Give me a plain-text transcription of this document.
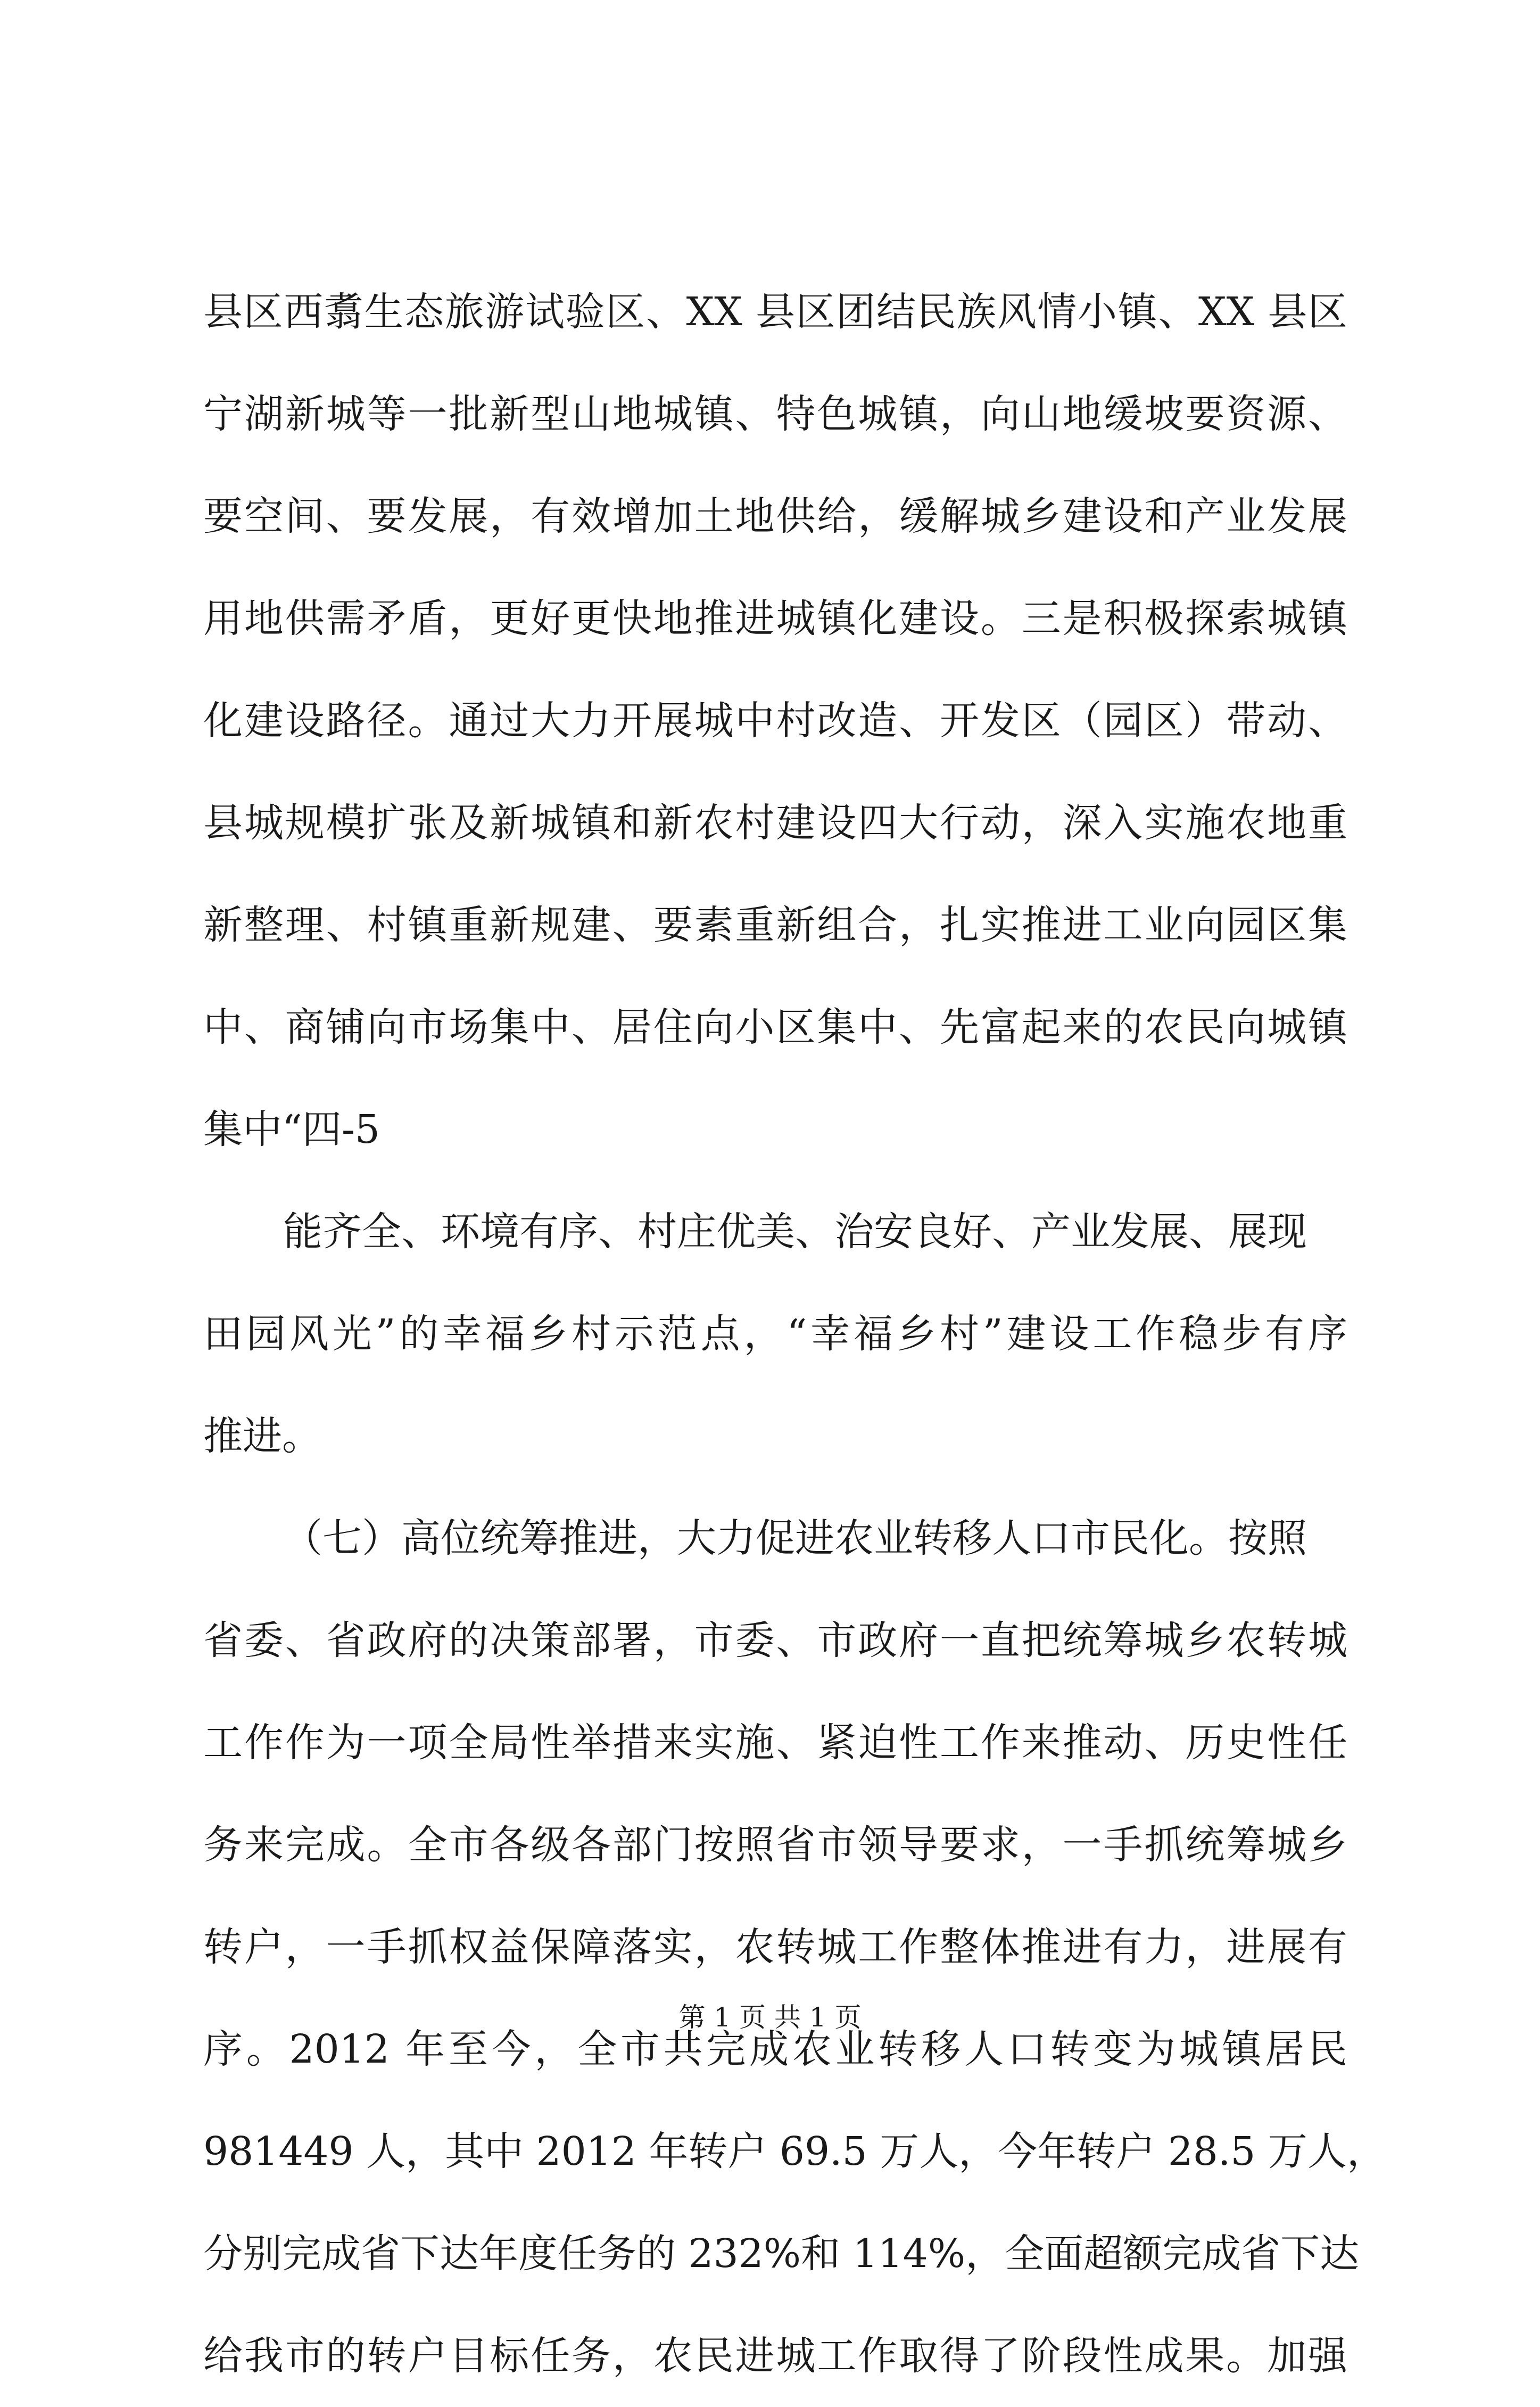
县区西翥生态旅游试验区、XX 县区团结民族风情小镇、XX 县区
宁湖新城等一批新型山地城镇、特色城镇，向山地缓坡要资源、
要空间、要发展，有效增加土地供给，缓解城乡建设和产业发展
用地供需矛盾，更好更快地推进城镇化建设。三是积极探索城镇
化建设路径。通过大力开展城中村改造、开发区（园区）带动、
县城规模扩张及新城镇和新农村建设四大行动，深入实施农地重
新整理、村镇重新规建、要素重新组合，扎实推进工业向园区集
中、商铺向市场集中、居住向小区集中、先富起来的农民向城镇
集中“四-5
能齐全、环境有序、村庄优美、治安良好、产业发展、展现
田园风光”的幸福乡村示范点，“幸福乡村”建设工作稳步有序
推进。
（七）高位统筹推进，大力促进农业转移人口市民化。按照
省委、省政府的决策部署，市委、市政府一直把统筹城乡农转城
工作作为一项全局性举措来实施、紧迫性工作来推动、历史性任
务来完成。全市各级各部门按照省市领导要求，一手抓统筹城乡
转户，一手抓权益保障落实，农转城工作整体推进有力，进展有
序。2012 年至今，全市共完成农业转移人口转变为城镇居民
981449 人，其中 2012 年转户 69.5 万人，今年转户 28.5 万人，
分别完成省下达年度任务的 232%和 114%，全面超额完成省下达
给我市的转户目标任务，农民进城工作取得了阶段性成果。加强
第 1 页 共 1 页
